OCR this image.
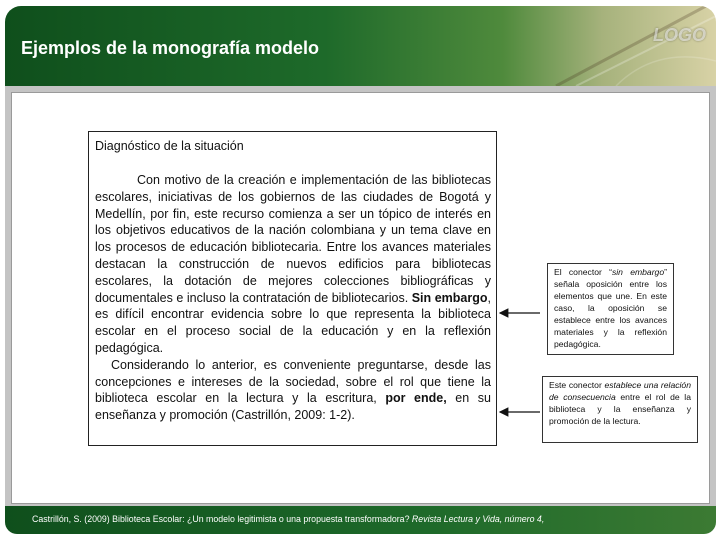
Ejemplos de la monografía modelo
LOGO
Diagnóstico de la situación

Con motivo de la creación e implementación de las bibliotecas escolares, iniciativas de los gobiernos de las ciudades de Bogotá y Medellín, por fin, este recurso comienza a ser un tópico de interés en los objetivos educativos de la nación colombiana y un tema clave en los procesos de educación bibliotecaria. Entre los avances materiales destacan la construcción de nuevos edificios para bibliotecas escolares, la dotación de mejores colecciones bibliográficas y documentales e incluso la contratación de bibliotecarios. Sin embargo, es difícil encontrar evidencia sobre lo que representa la biblioteca escolar en el proceso social de la educación y en la reflexión pedagógica.

Considerando lo anterior, es conveniente preguntarse, desde las concepciones e intereses de la sociedad, sobre el rol que tiene la biblioteca escolar en la lectura y la escritura, por ende, en su enseñanza y promoción (Castrillón, 2009: 1-2).

El conector “sin embargo” señala oposición entre los elementos que une. En este caso, la oposición se establece entre los avances materiales y la reflexión pedagógica.
Este conector establece una relación de consecuencia entre el rol de la biblioteca y la enseñanza y promoción de la lectura.
Castrillón, S. (2009) Biblioteca Escolar: ¿Un modelo legitimista o una propuesta transformadora? Revista Lectura y Vida, número 4,
